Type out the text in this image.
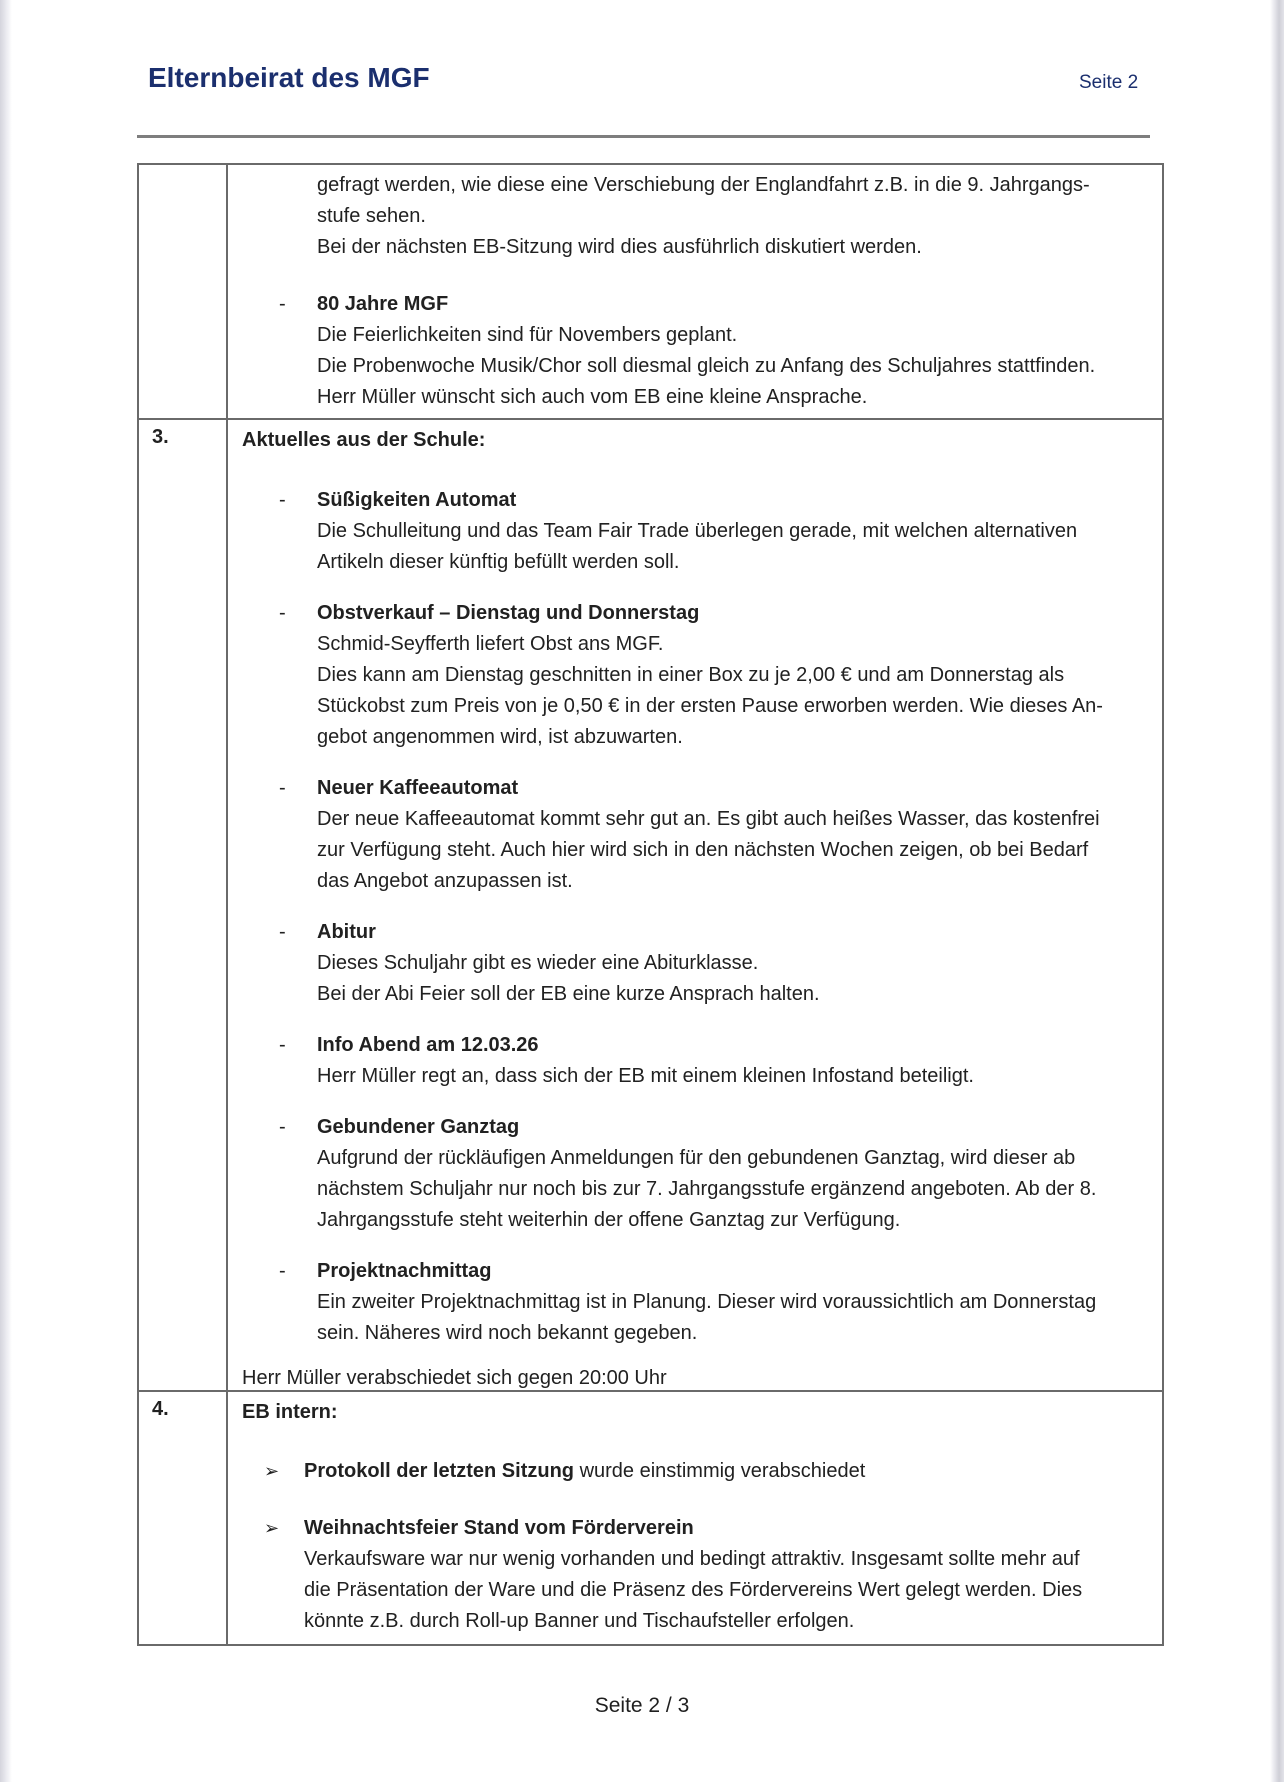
Elternbeirat des MGF	Seite 2
gefragt werden, wie diese eine Verschiebung der Englandfahrt z.B. in die 9. Jahrgangs-
stufe sehen.
Bei der nächsten EB-Sitzung wird dies ausführlich diskutiert werden.
- 80 Jahre MGF
Die Feierlichkeiten sind für Novembers geplant.
Die Probenwoche Musik/Chor soll diesmal gleich zu Anfang des Schuljahres stattfinden.
Herr Müller wünscht sich auch vom EB eine kleine Ansprache.
3.	Aktuelles aus der Schule:
- Süßigkeiten Automat
Die Schulleitung und das Team Fair Trade überlegen gerade, mit welchen alternativen
Artikeln dieser künftig befüllt werden soll.
- Obstverkauf – Dienstag und Donnerstag
Schmid-Seyfferth liefert Obst ans MGF.
Dies kann am Dienstag geschnitten in einer Box zu je 2,00 € und am Donnerstag als
Stückobst zum Preis von je 0,50 € in der ersten Pause erworben werden. Wie dieses An-
gebot angenommen wird, ist abzuwarten.
- Neuer Kaffeeautomat
Der neue Kaffeeautomat kommt sehr gut an. Es gibt auch heißes Wasser, das kostenfrei
zur Verfügung steht. Auch hier wird sich in den nächsten Wochen zeigen, ob bei Bedarf
das Angebot anzupassen ist.
- Abitur
Dieses Schuljahr gibt es wieder eine Abiturklasse.
Bei der Abi Feier soll der EB eine kurze Ansprach halten.
- Info Abend am 12.03.26
Herr Müller regt an, dass sich der EB mit einem kleinen Infostand beteiligt.
- Gebundener Ganztag
Aufgrund der rückläufigen Anmeldungen für den gebundenen Ganztag, wird dieser ab
nächstem Schuljahr nur noch bis zur 7. Jahrgangsstufe ergänzend angeboten. Ab der 8.
Jahrgangsstufe steht weiterhin der offene Ganztag zur Verfügung.
- Projektnachmittag
Ein zweiter Projektnachmittag ist in Planung. Dieser wird voraussichtlich am Donnerstag
sein. Näheres wird noch bekannt gegeben.
Herr Müller verabschiedet sich gegen 20:00 Uhr
4.	EB intern:
➢ Protokoll der letzten Sitzung wurde einstimmig verabschiedet
➢ Weihnachtsfeier Stand vom Förderverein
Verkaufsware war nur wenig vorhanden und bedingt attraktiv. Insgesamt sollte mehr auf
die Präsentation der Ware und die Präsenz des Fördervereins Wert gelegt werden. Dies
könnte z.B. durch Roll-up Banner und Tischaufsteller erfolgen.
Seite 2 / 3
